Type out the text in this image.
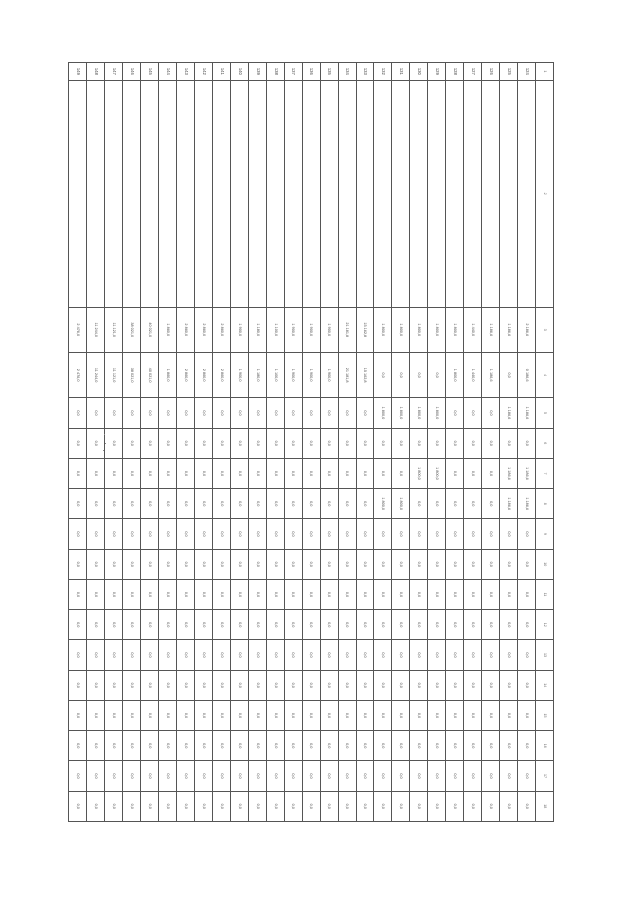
1	2	3	4	5	6	7	8	9	10	11	12	13	14	15	16	17	18
124		2 186,6	0 186,6	1 186,6	0,0	1 186,6	1 186,6	0,0	0,0	0,0	0,0	0,0	0,0	0,0	0,0	0,0	0,0
125		1 186,6	0,0	1 186,6	0,0	1 186,6	1 186,6	0,0	0,0	0,0	0,0	0,0	0,0	0,0	0,0	0,0	0,0
126		1 186,6	1 186,6	0,0	0,0	0,0	0,0	0,0	0,0	0,0	0,0	0,0	0,0	0,0	0,0	0,0	0,0
127		1 440,0	1 440,0	0,0	0,0	0,0	0,0	0,0	0,0	0,0	0,0	0,0	0,0	0,0	0,0	0,0	0,0
128		1 800,0	1 800,0	0,0	0,0	0,0	0,0	0,0	0,0	0,0	0,0	0,0	0,0	0,0	0,0	0,0	0,0
129		1 800,0	0,0	1 800,0	0,0	1 800,0	0,0	0,0	0,0	0,0	0,0	0,0	0,0	0,0	0,0	0,0	0,0
130		1 800,0	0,0	1 800,0	0,0	1 800,0	0,0	0,0	0,0	0,0	0,0	0,0	0,0	0,0	0,0	0,0	0,0
131		1 800,0	0,0	1 800,0	0,0	0,0	1 800,0	0,0	0,0	0,0	0,0	0,0	0,0	0,0	0,0	0,0	0,0
132		1 800,0	0,0	1 800,0	0,0	0,0	1 800,0	0,0	0,0	0,0	0,0	0,0	0,0	0,0	0,0	0,0	0,0
133		15 162,8	15 162,8	0,0	0,0	0,0	0,0	0,0	0,0	0,0	0,0	0,0	0,0	0,0	0,0	0,0	0,0
134		21 181,8	21 181,8	0,0	0,0	0,0	0,0	0,0	0,0	0,0	0,0	0,0	0,0	0,0	0,0	0,0	0,0
135		1 900,0	1 900,0	0,0	0,0	0,0	0,0	0,0	0,0	0,0	0,0	0,0	0,0	0,0	0,0	0,0	0,0
136		1 900,0	1 900,0	0,0	0,0	0,0	0,0	0,0	0,0	0,0	0,0	0,0	0,0	0,0	0,0	0,0	0,0
137		1 900,0	1 900,0	0,0	0,0	0,0	0,0	0,0	0,0	0,0	0,0	0,0	0,0	0,0	0,0	0,0	0,0
138		1 100,0	1 100,0	0,0	0,0	0,0	0,0	0,0	0,0	0,0	0,0	0,0	0,0	0,0	0,0	0,0	0,0
139		1 180,0	1 180,0	0,0	0,0	0,0	0,0	0,0	0,0	0,0	0,0	0,0	0,0	0,0	0,0	0,0	0,0
140		1 900,0	1 900,0	0,0	0,0	0,0	0,0	0,0	0,0	0,0	0,0	0,0	0,0	0,0	0,0	0,0	0,0
141		2 860,0	2 860,0	0,0	0,0	0,0	0,0	0,0	0,0	0,0	0,0	0,0	0,0	0,0	0,0	0,0	0,0
142		2 860,0	2 860,0	0,0	0,0	0,0	0,0	0,0	0,0	0,0	0,0	0,0	0,0	0,0	0,0	0,0	0,0
143		2 860,0	2 860,0	0,0	0,0	0,0	0,0	0,0	0,0	0,0	0,0	0,0	0,0	0,0	0,0	0,0	0,0
144		1 860,0	1 860,0	0,0	0,0	0,0	0,0	0,0	0,0	0,0	0,0	0,0	0,0	0,0	0,0	0,0	0,0
145		40 021,0	40 021,0	0,0	0,0	0,0	0,0	0,0	0,0	0,0	0,0	0,0	0,0	0,0	0,0	0,0	0,0
146		38 021,0	38 021,0	0,0	0,0	0,0	0,0	0,0	0,0	0,0	0,0	0,0	0,0	0,0	0,0	0,0	0,0
147		11 121,0	11 121,0	0,0	0,0	0,0	0,0	0,0	0,0	0,0	0,0	0,0	0,0	0,0	0,0	0,0	0,0
148		11 244,0	11 244,0	0,0	0,0	0,0	0,0	0,0	0,0	0,0	0,0	0,0	0,0	0,0	0,0	0,0	0,0
149		2 476,0	2 476,0	0,0	0,0	0,0	0,0	0,0	0,0	0,0	0,0	0,0	0,0	0,0	0,0	0,0	0,0
